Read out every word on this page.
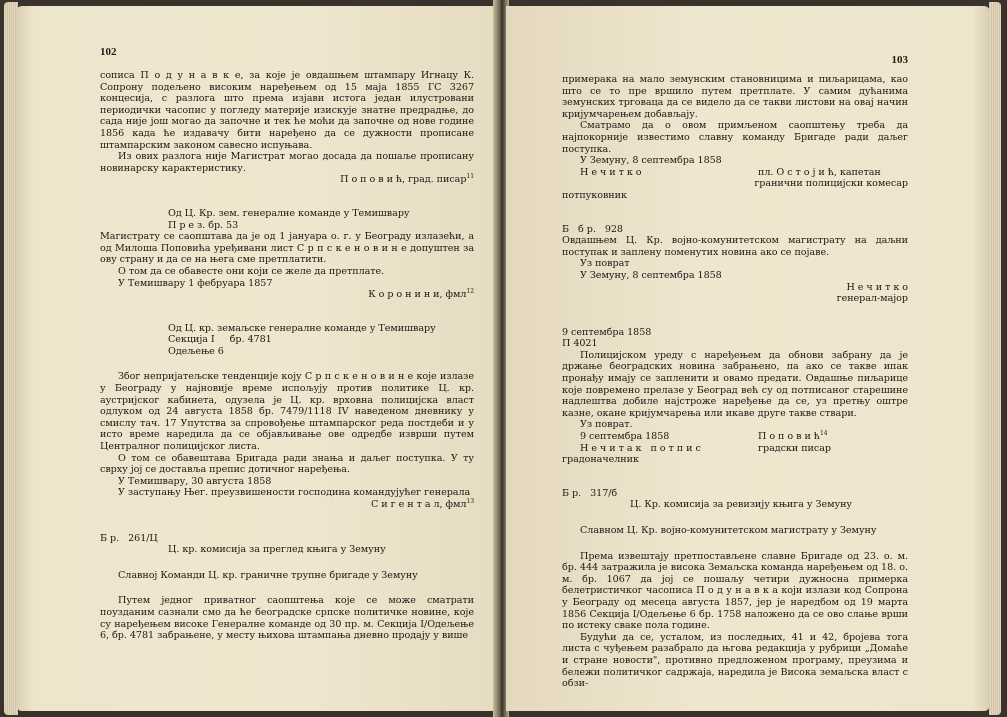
102

сописа П о д у н а в к е, за које је овдашњем штампару Игнацу К. Сопрону подељено високим наређењем од 15 маја 1855 ГС 3267 концесија, с разлога што према изјави истога један илустровани периодички часопис у погледу материје изискује знатне предрадње, до сада није још могао да започне и тек ће моћи да започне од нове године 1856 када ће издавачу бити наређено да се дужности прописане штампарским законом савесно испуњава.

Из ових разлога није Магистрат могао досада да пошаље прописану новинарску карактеристику.

П о п о в и ћ, град. писар$^{11}$
Од Ц. Кр. зем. генералне команде у Темишвару
П р е з. бр. 53

Магистрату се саопштава да је од 1 јануара о. г. у Београду излазећи, а од Милоша Поповића уређивани лист С р п с к е н о в и н е допуштен за ову страну и да се на њега сме претплатити.

О том да се обавесте они који се желе да претплате.

У Темишвару 1 фебруара 1857
К о р о н и н и, фмл$^{12}$
Од Ц. кр. земаљске генералне команде у Темишвару
Секција I     бр. 4781
Одељење 6

Због непријатељске тенденције коју С р п с к е н о в и н е које излазе у Београду у најновије време испољују против политике Ц. кр. аустријског кабинета, одузела је Ц. кр. врховна полицијска власт одлуком од 24 августа 1858 бр. 7479/1118 IV наведеном дневнику у смислу тач. 17 Упутства за спровођење штампарског реда постдеби и у исто време наредила да се објављивање ове одредбе изврши путем Централног полицијског листа.

О том се обавештава Бригада ради знања и даљег поступка. У ту сврху јој се доставља препис дотичног наређења.

У Темишвару, 30 августа 1858
У заступању Њег. преузвишености господина командујућег генерала
С и г е н т а л, фмл$^{13}$
Б р.   261/Ц
Ц. кр. комисија за преглед књига у Земуну
Славној Команди Ц. кр. граничне трупне бригаде у Земуну

Путем једног приватног саопштења које се може сматрати поузданим сазнали смо да ће београдске српске политичке новине, које су наређењем високе Генералне команде од 30 пр. м. Секција I/Одељење 6, бр. 4781 забрањене, у месту њихова штампања дневно продају у више

103

примерака на мало земунским становницима и пиљарицама, као што се то пре вршило путем претплате. У самим дућанима земунских трговаца да се видело да се такви листови на овај начин кријумчарењем добављају.

Сматрамо да о овом примљеном саопштењу треба да најпокорније известимо славну команду Бригаде ради даљег поступка.

У Земуну, 8 септембра 1858
Н е ч и т к о	пл. О с т о ј и ћ, капетан
гранични полицијски комесар
потпуковник
Б   б р.   928

Овдашњем Ц. Кр. војно-комунитетском магистрату на даљни поступак и заплену поменутих новина ако се појаве.

Уз поврат
У Земуну, 8 септембра 1858
Н е ч и т к о
генерал-мајор
9 септембра 1858
П 4021

Полицијском уреду с наређењем да обнови забрану да је држање београдских новина забрањено, па ако се такве ипак пронађу имају се запленити и овамо предати. Овдашње пиљарице које повремено прелазе у Београд већ су од потписаног старешине надлештва добиле најстроже наређење да се, уз претњу оштре казне, окане кријумчарења или икаве друге такве ствари.

Уз поврат.
9 септембра 1858	П о п о в и $ћ^{14}$
Н е ч и т а к   п о т п и с	градски писар
градоначелник
Б р.   317/б
Ц. Кр. комисија за ревизију књига у Земуну
Славном Ц. Кр. војно-комунитетском магистрату у Земуну

Према извештају претпостављене славне Бригаде од 23. о. м. бр. 444 затражила је висока Земаљска команда наређењем од 18. о. м. бр. 1067 да јој се пошаљу четири дужносна примерка белетристичког часописа П о д у н а в к а који излази код Сопрона у Београду од месеца августа 1857, јер је наредбом од 19 марта 1856 Секција I/Одељење 6 бр. 1758 наложено да се ово слање врши по истеку сваке пола године.

Будући да се, усталом, из последњих, 41 и 42, бројева тога листа с чуђењем разабрало да њгова редакција у рубрици „Домаће и стране новости", противно предложеном програму, преузима и бележи политичког садржаја, наредила је Висока земаљска власт с обзи-
